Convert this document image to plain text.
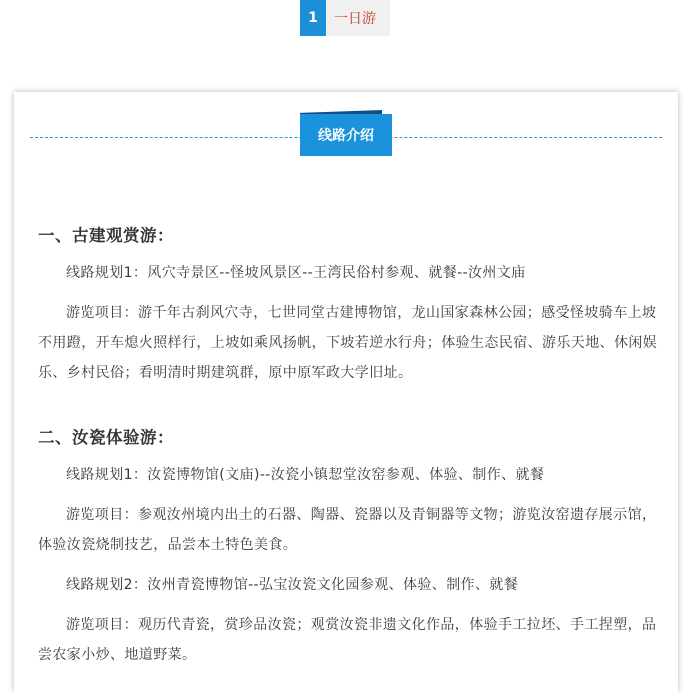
1	一日游
线路介绍

一、古建观赏游：

线路规划1：风穴寺景区--怪坡风景区--王湾民俗村参观、就餐--汝州文庙

游览项目：游千年古刹风穴寺，七世同堂古建博物馆，龙山国家森林公园；感受怪坡骑车上坡不用蹬，开车熄火照样行，上坡如乘风扬帆，下坡若逆水行舟；体验生态民宿、游乐天地、休闲娱乐、乡村民俗；看明清时期建筑群，原中原军政大学旧址。

二、汝瓷体验游：

线路规划1：汝瓷博物馆(文庙)--汝瓷小镇恝堂汝窑参观、体验、制作、就餐

游览项目：参观汝州境内出土的石器、陶器、瓷器以及青铜器等文物；游览汝窑遗存展示馆，体验汝瓷烧制技艺，品尝本土特色美食。

线路规划2：汝州青瓷博物馆--弘宝汝瓷文化园参观、体验、制作、就餐

游览项目：观历代青瓷，赏珍品汝瓷；观赏汝瓷非遗文化作品，体验手工拉坯、手工捏塑，品尝农家小炒、地道野菜。
